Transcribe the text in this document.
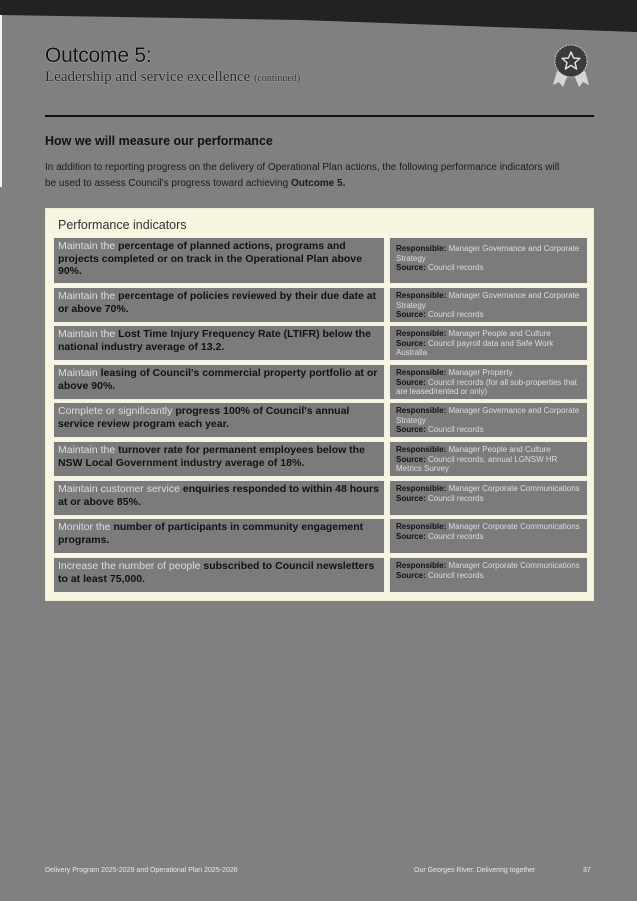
Outcome 5:
Leadership and service excellence (continued)
How we will measure our performance
In addition to reporting progress on the delivery of Operational Plan actions, the following performance indicators will be used to assess Council's progress toward achieving Outcome 5.
Performance indicators
Maintain the percentage of planned actions, programs and projects completed or on track in the Operational Plan above 90%.
Responsible: Manager Governance and Corporate Strategy
Source: Council records
Maintain the percentage of policies reviewed by their due date at or above 70%.
Responsible: Manager Governance and Corporate Strategy
Source: Council records
Maintain the Lost Time Injury Frequency Rate (LTIFR) below the national industry average of 13.2.
Responsible: Manager People and Culture
Source: Council payroll data and Safe Work Australia
Maintain leasing of Council's commercial property portfolio at or above 90%.
Responsible: Manager Property
Source: Council records (for all sub-properties that are leased/rented or only)
Complete or significantly progress 100% of Council's annual service review program each year.
Responsible: Manager Governance and Corporate Strategy
Source: Council records
Maintain the turnover rate for permanent employees below the NSW Local Government industry average of 18%.
Responsible: Manager People and Culture
Source: Council records, annual LGNSW HR Metrics Survey
Maintain customer service enquiries responded to within 48 hours at or above 85%.
Responsible: Manager Corporate Communications
Source: Council records
Monitor the number of participants in community engagement programs.
Responsible: Manager Corporate Communications
Source: Council records
Increase the number of people subscribed to Council newsletters to at least 75,000.
Responsible: Manager Corporate Communications
Source: Council records
Delivery Program 2025-2029 and Operational Plan 2025-2026	Our Georges River: Delivering together	37
